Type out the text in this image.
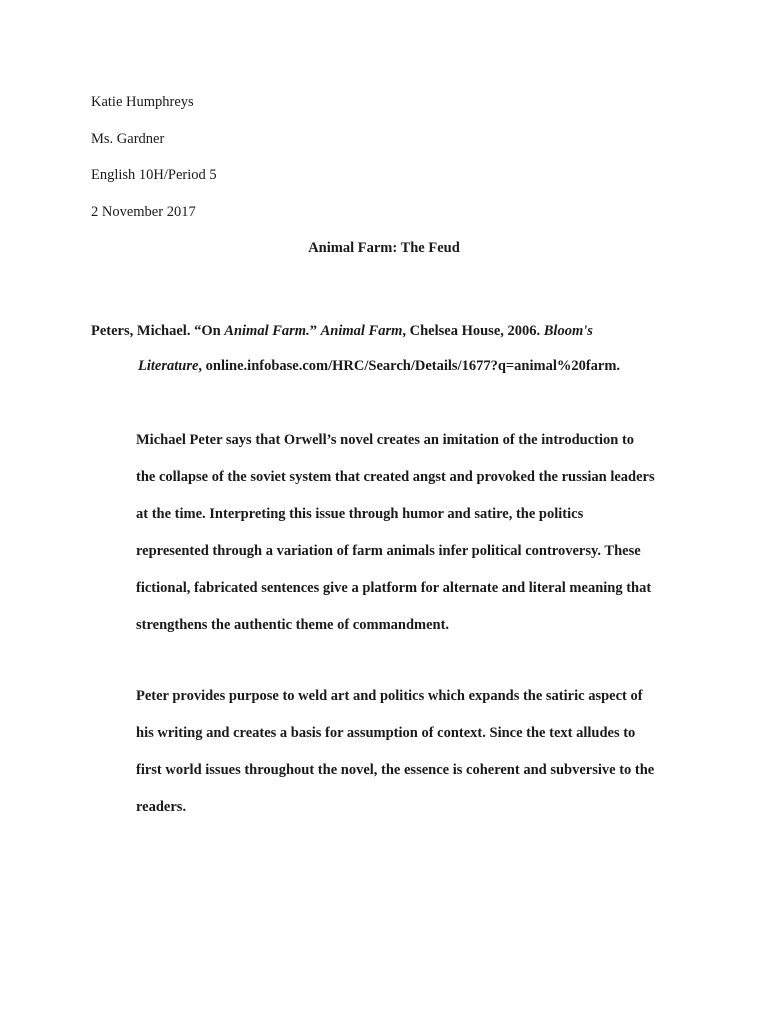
Katie Humphreys

Ms. Gardner

English 10H/Period 5

2 November 2017

Animal Farm: The Feud
Peters, Michael. “On Animal Farm.” Animal Farm, Chelsea House, 2006. Bloom's
Literature, online.infobase.com/HRC/Search/Details/1677?q=animal%20farm.
Michael Peter says that Orwell’s novel creates an imitation of the introduction to
the collapse of the soviet system that created angst and provoked the russian leaders
at the time. Interpreting this issue through humor and satire, the politics
represented through a variation of farm animals infer political controversy. These
fictional, fabricated sentences give a platform for alternate and literal meaning that
strengthens the authentic theme of commandment.
Peter provides purpose to weld art and politics which expands the satiric aspect of
his writing and creates a basis for assumption of context. Since the text alludes to
first world issues throughout the novel, the essence is coherent and subversive to the
readers.
